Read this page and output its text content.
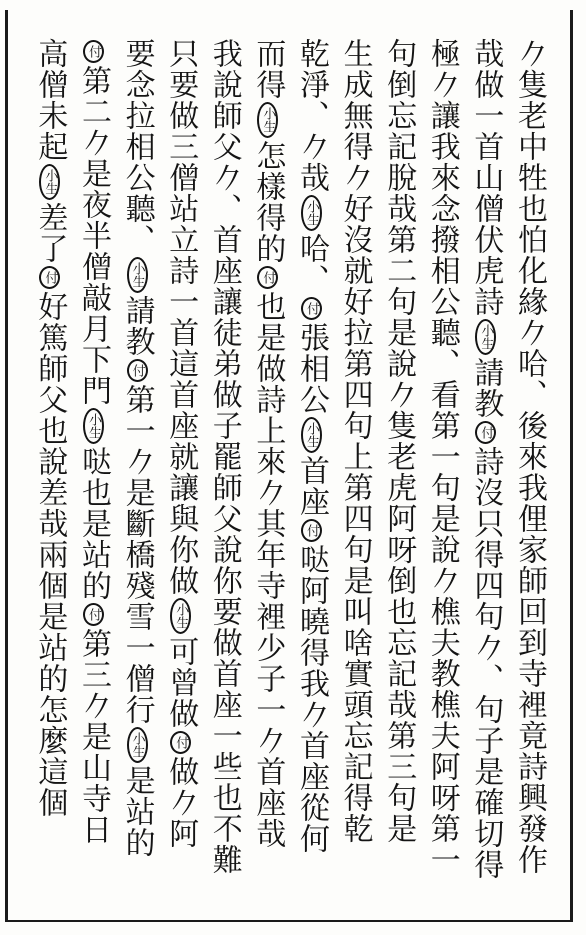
𠂊隻老中牲也怕化緣𠂊哈、後來我俚家師回到寺裡竟詩興發作
哉做一首山僧伏虎詩小生請教付詩沒只得四句𠂊、句子是確切得
極𠂊讓我來念撥相公聽、看第一句是說𠂊樵夫教樵夫阿呀第一
句倒忘記脫哉第二句是說𠂊隻老虎阿呀倒也忘記哉第三句是
生成無得𠂊好沒就好拉第四句上第四句是叫啥實頭忘記得乾
乾淨、𠂊哉小生哈、付張相公小生首座付哒阿曉得我𠂊首座從何
而得小生怎樣得的付也是做詩上來𠂊其年寺裡少子一𠂊首座哉
我說師父𠂊、首座讓徒弟做子罷師父說你要做首座一些也不難
只要做三僧站立詩一首這首座就讓與你做小生可曾做付做𠂊阿
要念拉相公聽、小生請教付第一𠂊是斷橋殘雪一僧行小生是站的
付第二𠂊是夜半僧敲月下門小生哒也是站的付第三𠂊是山寺日
高僧未起小生差了付好篤師父也說差哉兩個是站的怎麼這個
